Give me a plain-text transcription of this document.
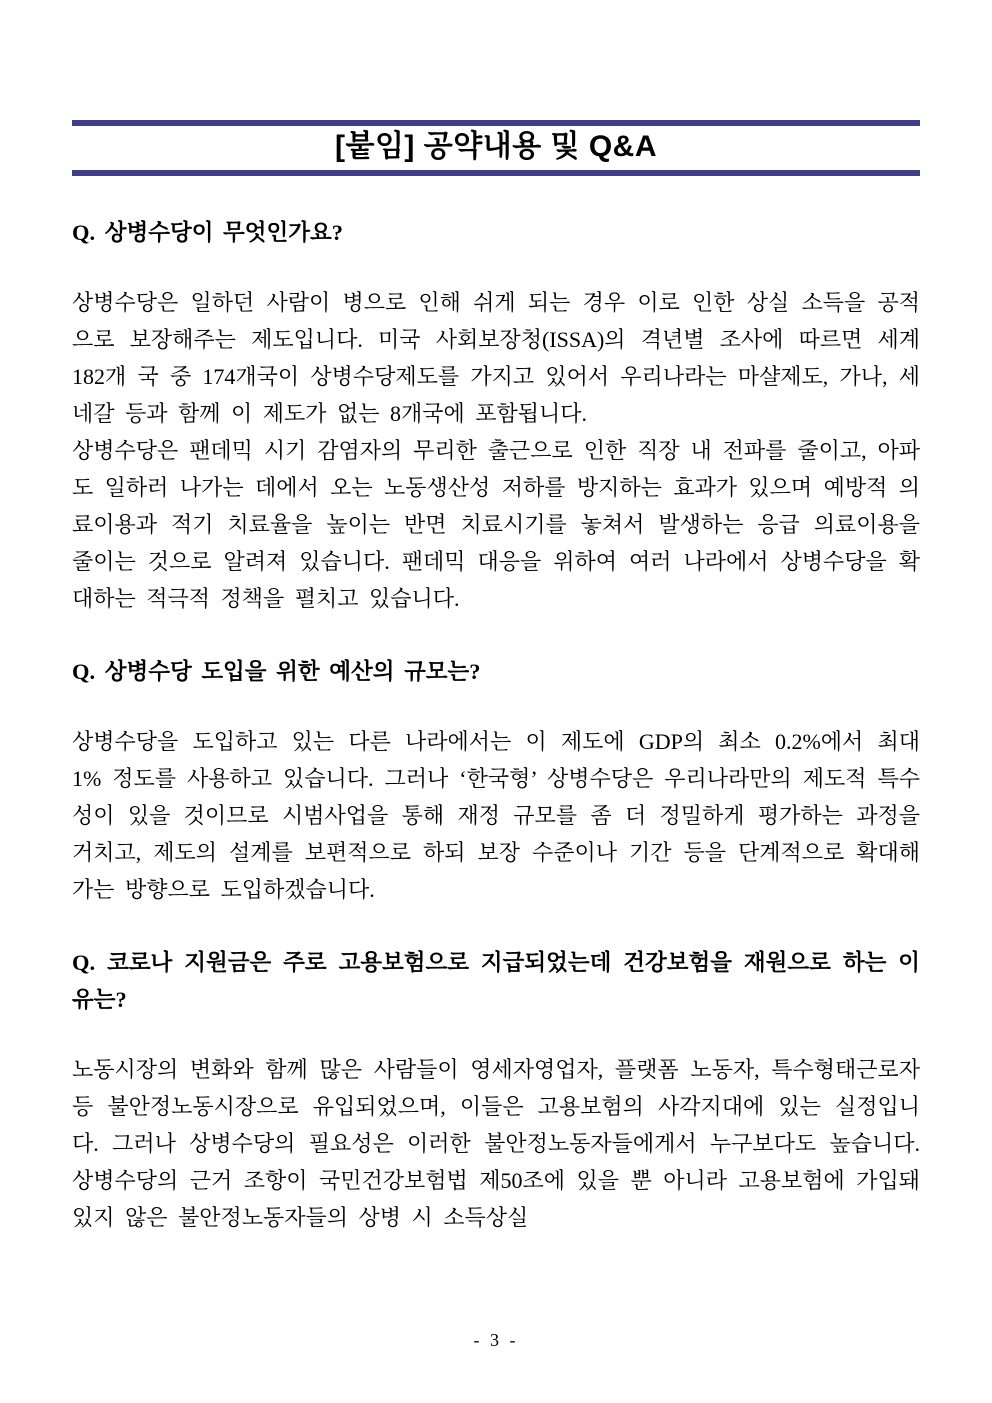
[붙임] 공약내용 및 Q&A
Q. 상병수당이 무엇인가요?

상병수당은 일하던 사람이 병으로 인해 쉬게 되는 경우 이로 인한 상실 소득을 공적으로 보장해주는 제도입니다. 미국 사회보장청(ISSA)의 격년별 조사에 따르면 세계 182개 국 중 174개국이 상병수당제도를 가지고 있어서 우리나라는 마샬제도, 가나, 세네갈 등과 함께 이 제도가 없는 8개국에 포함됩니다.

상병수당은 팬데믹 시기 감염자의 무리한 출근으로 인한 직장 내 전파를 줄이고, 아파도 일하러 나가는 데에서 오는 노동생산성 저하를 방지하는 효과가 있으며 예방적 의료이용과 적기 치료율을 높이는 반면 치료시기를 놓쳐서 발생하는 응급 의료이용을 줄이는 것으로 알려져 있습니다. 팬데믹 대응을 위하여 여러 나라에서 상병수당을 확대하는 적극적 정책을 펼치고 있습니다.

Q. 상병수당 도입을 위한 예산의 규모는?

상병수당을 도입하고 있는 다른 나라에서는 이 제도에 GDP의 최소 0.2%에서 최대 1% 정도를 사용하고 있습니다. 그러나 ‘한국형’ 상병수당은 우리나라만의 제도적 특수성이 있을 것이므로 시범사업을 통해 재정 규모를 좀 더 정밀하게 평가하는 과정을 거치고, 제도의 설계를 보편적으로 하되 보장 수준이나 기간 등을 단계적으로 확대해 가는 방향으로 도입하겠습니다.

Q. 코로나 지원금은 주로 고용보험으로 지급되었는데 건강보험을 재원으로 하는 이유는?

노동시장의 변화와 함께 많은 사람들이 영세자영업자, 플랫폼 노동자, 특수형태근로자 등 불안정노동시장으로 유입되었으며, 이들은 고용보험의 사각지대에 있는 실정입니다. 그러나 상병수당의 필요성은 이러한 불안정노동자들에게서 누구보다도 높습니다. 상병수당의 근거 조항이 국민건강보험법 제50조에 있을 뿐 아니라 고용보험에 가입돼 있지 않은 불안정노동자들의 상병 시 소득상실

- 3 -
